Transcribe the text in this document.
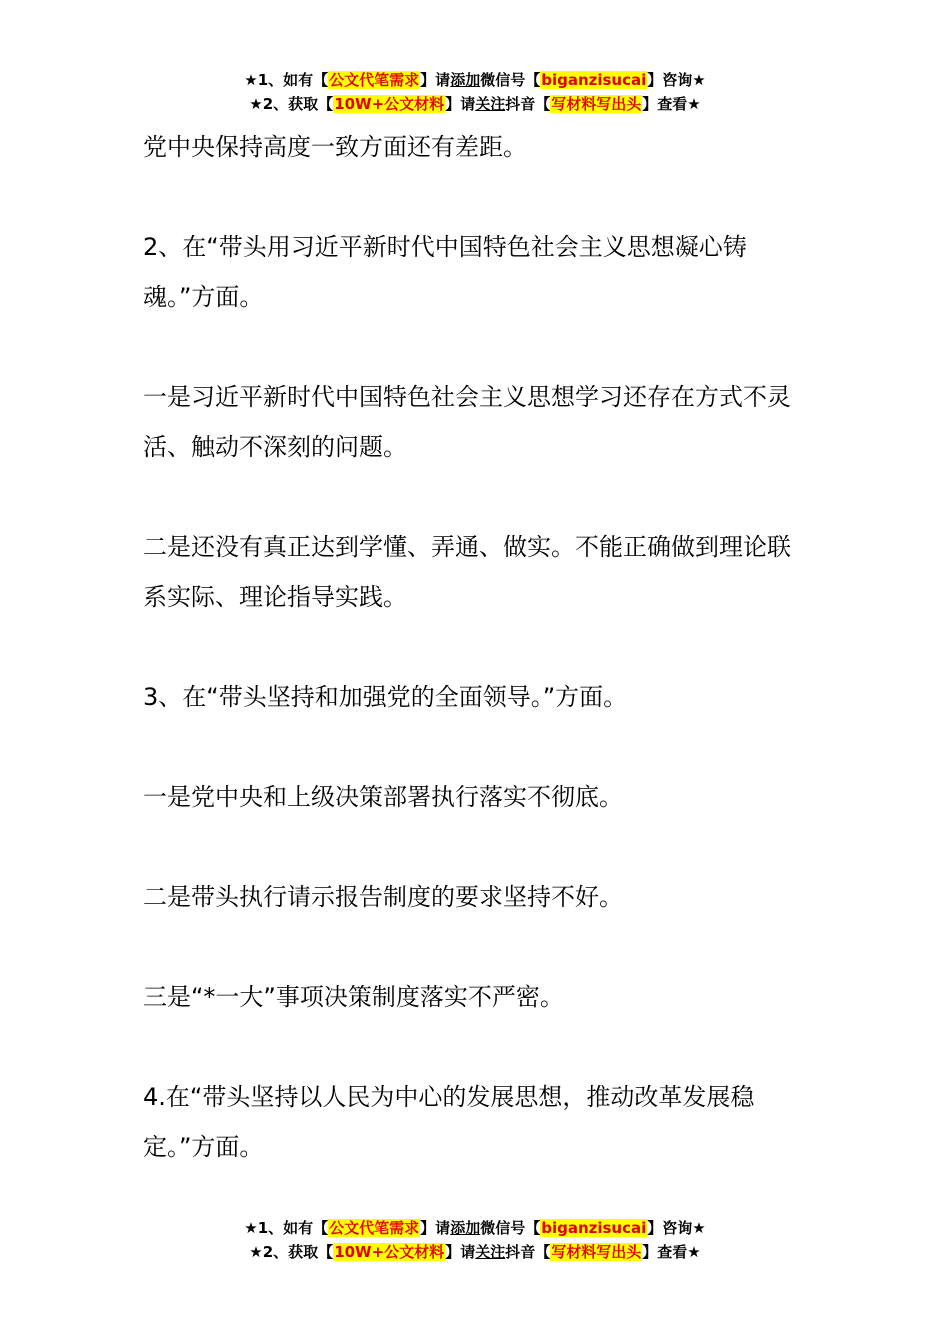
★1、如有【公文代笔需求】请添加微信号【biganzisucai】咨询★
★2、获取【10W+公文材料】请关注抖音【写材料写出头】查看★

党中央保持高度一致方面还有差距。

2、在“带头用习近平新时代中国特色社会主义思想凝心铸魂。”方面。

一是习近平新时代中国特色社会主义思想学习还存在方式不灵活、触动不深刻的问题。

二是还没有真正达到学懂、弄通、做实。不能正确做到理论联系实际、理论指导实践。

3、在“带头坚持和加强党的全面领导。”方面。

一是党中央和上级决策部署执行落实不彻底。

二是带头执行请示报告制度的要求坚持不好。

三是“*一大”事项决策制度落实不严密。

4.在“带头坚持以人民为中心的发展思想，推动改革发展稳定。”方面。

★1、如有【公文代笔需求】请添加微信号【biganzisucai】咨询★
★2、获取【10W+公文材料】请关注抖音【写材料写出头】查看★
